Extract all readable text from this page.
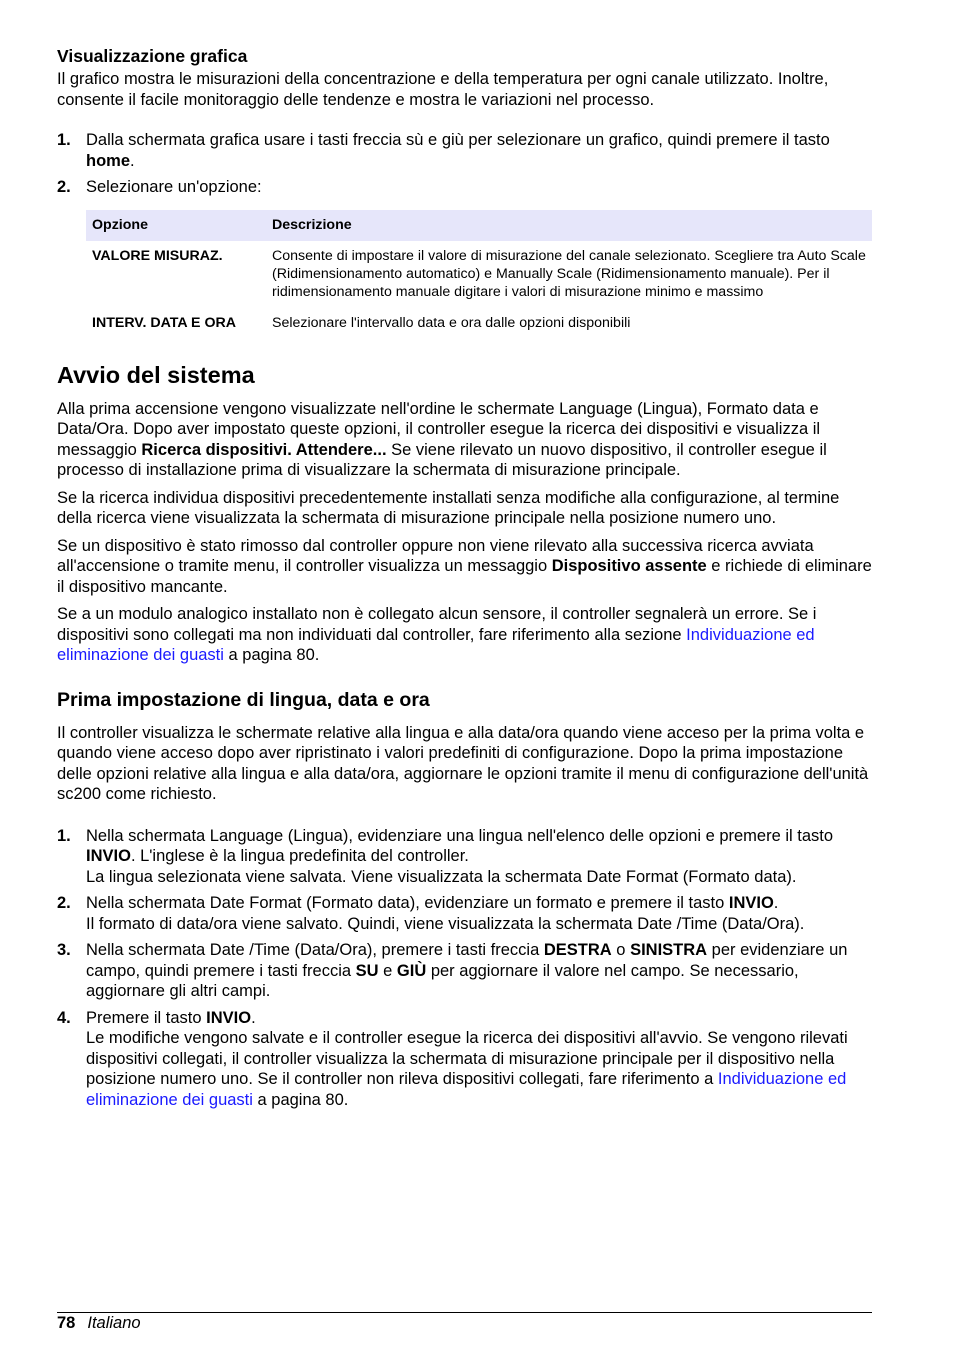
Visualizzazione grafica

Il grafico mostra le misurazioni della concentrazione e della temperatura per ogni canale utilizzato. Inoltre, consente il facile monitoraggio delle tendenze e mostra le variazioni nel processo.

1. Dalla schermata grafica usare i tasti freccia sù e giù per selezionare un grafico, quindi premere il tasto home.
2. Selezionare un'opzione:
Opzione	Descrizione
VALORE MISURAZ.	Consente di impostare il valore di misurazione del canale selezionato. Scegliere tra Auto Scale (Ridimensionamento automatico) e Manually Scale (Ridimensionamento manuale). Per il ridimensionamento manuale digitare i valori di misurazione minimo e massimo
INTERV. DATA E ORA	Selezionare l'intervallo data e ora dalle opzioni disponibili
Avvio del sistema

Alla prima accensione vengono visualizzate nell'ordine le schermate Language (Lingua), Formato data e Data/Ora. Dopo aver impostato queste opzioni, il controller esegue la ricerca dei dispositivi e visualizza il messaggio Ricerca dispositivi. Attendere... Se viene rilevato un nuovo dispositivo, il controller esegue il processo di installazione prima di visualizzare la schermata di misurazione principale.

Se la ricerca individua dispositivi precedentemente installati senza modifiche alla configurazione, al termine della ricerca viene visualizzata la schermata di misurazione principale nella posizione numero uno.

Se un dispositivo è stato rimosso dal controller oppure non viene rilevato alla successiva ricerca avviata all'accensione o tramite menu, il controller visualizza un messaggio Dispositivo assente e richiede di eliminare il dispositivo mancante.

Se a un modulo analogico installato non è collegato alcun sensore, il controller segnalerà un errore. Se i dispositivi sono collegati ma non individuati dal controller, fare riferimento alla sezione Individuazione ed eliminazione dei guasti a pagina 80.

Prima impostazione di lingua, data e ora

Il controller visualizza le schermate relative alla lingua e alla data/ora quando viene acceso per la prima volta e quando viene acceso dopo aver ripristinato i valori predefiniti di configurazione. Dopo la prima impostazione delle opzioni relative alla lingua e alla data/ora, aggiornare le opzioni tramite il menu di configurazione dell'unità sc200 come richiesto.

1. Nella schermata Language (Lingua), evidenziare una lingua nell'elenco delle opzioni e premere il tasto INVIO. L'inglese è la lingua predefinita del controller.
La lingua selezionata viene salvata. Viene visualizzata la schermata Date Format (Formato data).
2. Nella schermata Date Format (Formato data), evidenziare un formato e premere il tasto INVIO.
Il formato di data/ora viene salvato. Quindi, viene visualizzata la schermata Date /Time (Data/Ora).
3. Nella schermata Date /Time (Data/Ora), premere i tasti freccia DESTRA o SINISTRA per evidenziare un campo, quindi premere i tasti freccia SU e GIÙ per aggiornare il valore nel campo. Se necessario, aggiornare gli altri campi.
4. Premere il tasto INVIO.
Le modifiche vengono salvate e il controller esegue la ricerca dei dispositivi all'avvio. Se vengono rilevati dispositivi collegati, il controller visualizza la schermata di misurazione principale per il dispositivo nella posizione numero uno. Se il controller non rileva dispositivi collegati, fare riferimento a Individuazione ed eliminazione dei guasti a pagina 80.
78 Italiano
